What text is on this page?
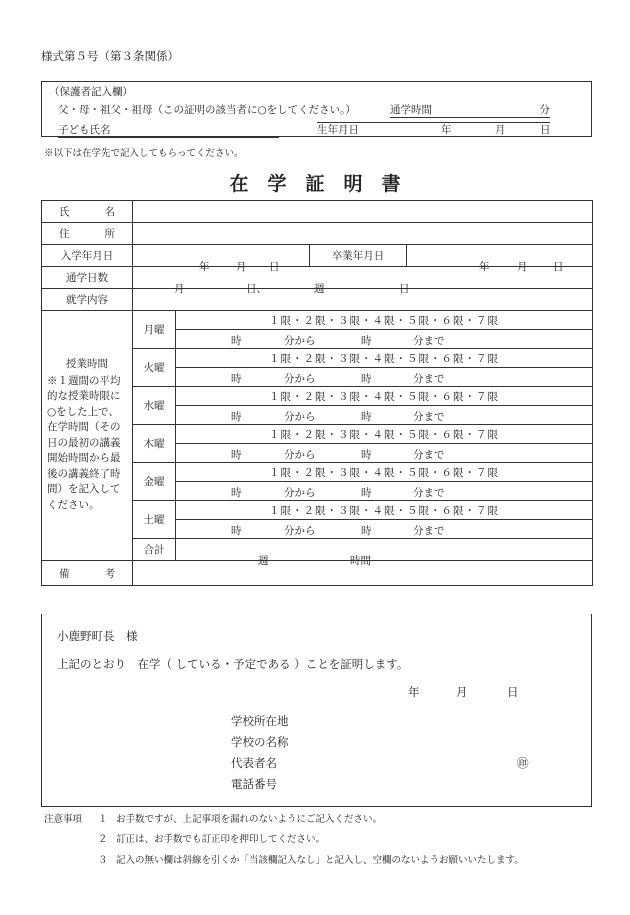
様式第５号（第３条関係）
（保護者記入欄）
父・母・祖父・祖母（この証明の該当者に○をしてください。）	通学時間	分
子ども氏名	生年月日	年	月	日
※以下は在学先で記入してもらってください。
在学証明書
氏 名				

住 所				

入学年月日	年 月 日		卒業年月日	年 月 日

通学日数	月 日、 週 日			

就学内容				

授業時間
※１週間の平均的な授業時限に○をした上で、在学時間（その日の最初の講義開始時間から最後の講義終了時間）を記入してください。	月曜	１限・２限・３限・４限・５限・６限・７限		

		時 分から 時 分まで		

	火曜	１限・２限・３限・４限・５限・６限・７限		

		時 分から 時 分まで		

	水曜	１限・２限・３限・４限・５限・６限・７限		

		時 分から 時 分まで		

	木曜	１限・２限・３限・４限・５限・６限・７限		

		時 分から 時 分まで		

	金曜	１限・２限・３限・４限・５限・６限・７限		

		時 分から 時 分まで		

	土曜	１限・２限・３限・４限・５限・６限・７限		

		時 分から 時 分まで		

	合計	週 時間		

備 考				

小鹿野町長　様
上記のとおり　在学（ している・予定である ）ことを証明します。
年	月	日
学校所在地
学校の名称
代表者名	㊞
電話番号
注意事項 １ お手数ですが、上記事項を漏れのないようにご記入ください。
２ 訂正は、お手数でも訂正印を押印してください。
３ 記入の無い欄は斜線を引くか「当該欄記入なし」と記入し、空欄のないようお願いいたします。
